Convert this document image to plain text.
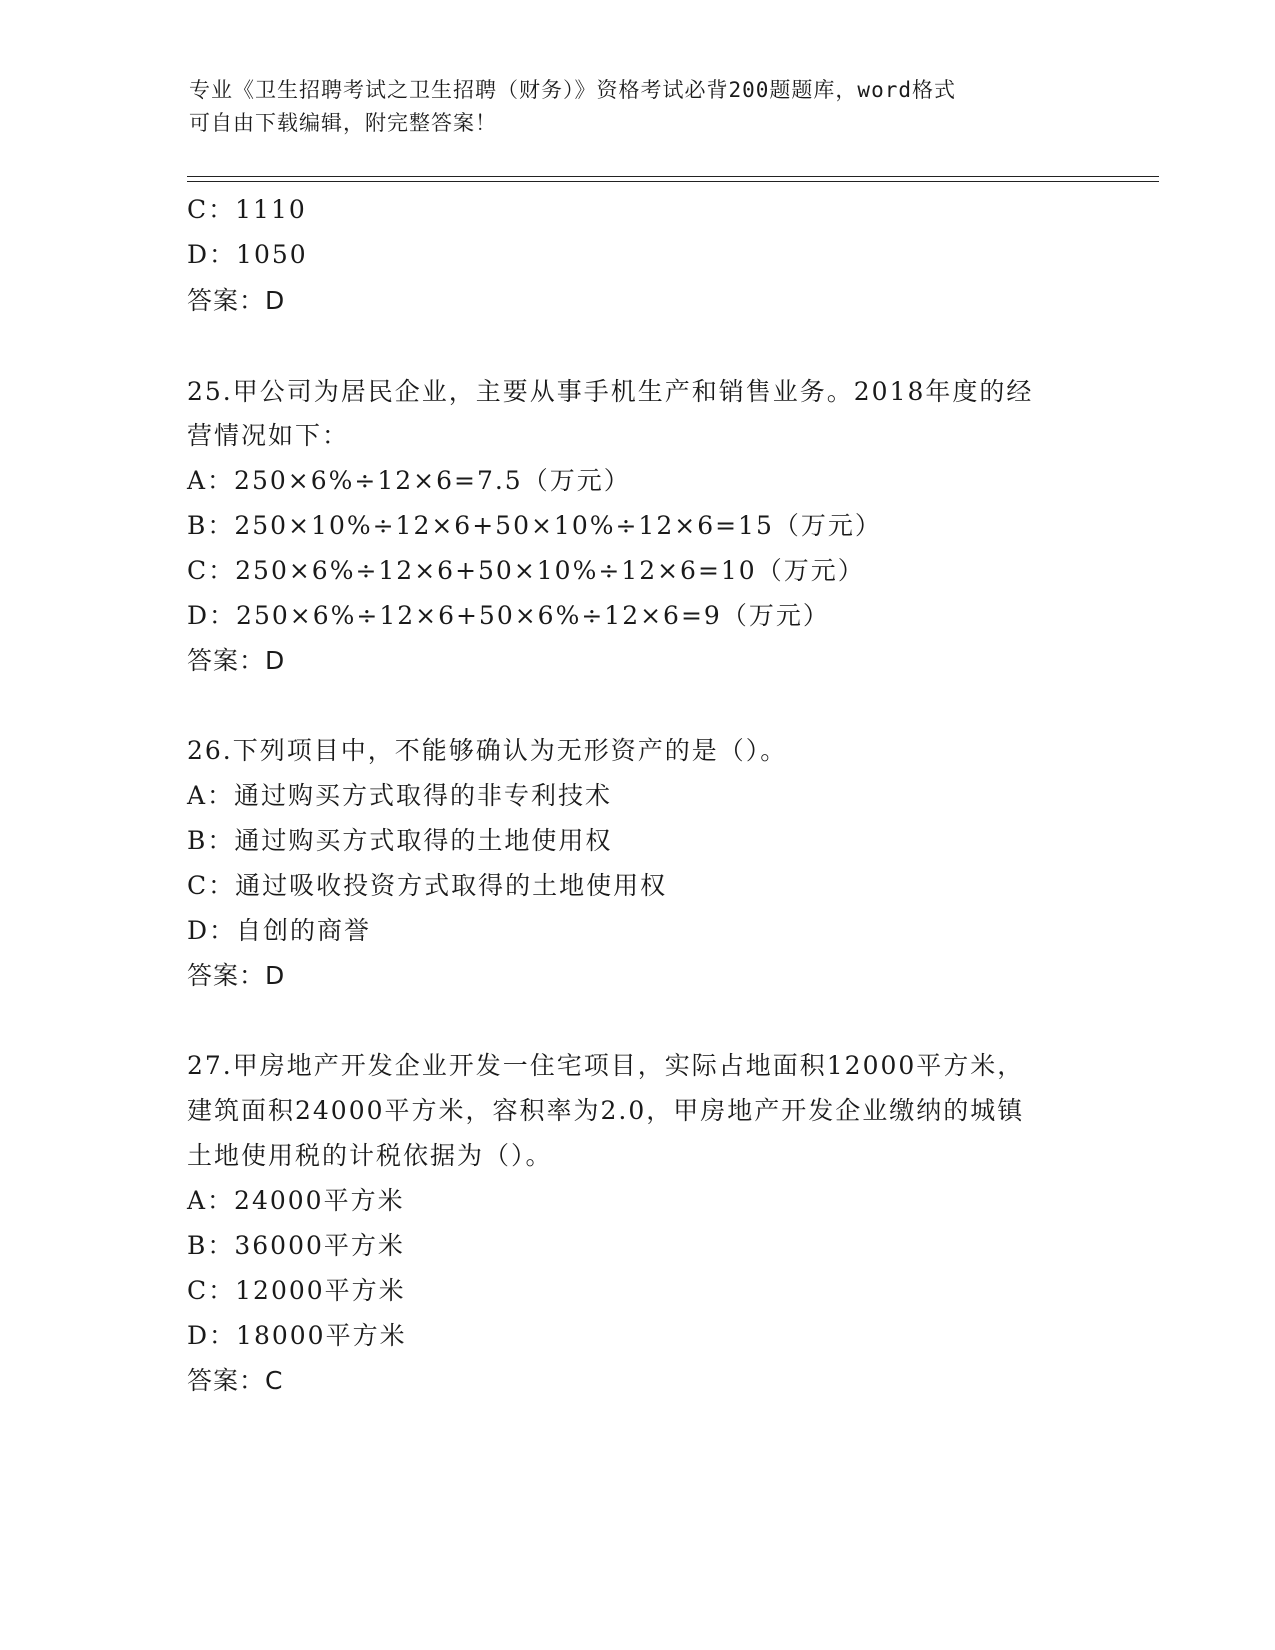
专业《卫生招聘考试之卫生招聘（财务）》资格考试必背200题题库，word格式
可自由下载编辑，附完整答案！
C：1110
D：1050
答案：D
25.甲公司为居民企业，主要从事手机生产和销售业务。2018年度的经
营情况如下：
A：250×6%÷12×6=7.5（万元）
B：250×10%÷12×6+50×10%÷12×6=15（万元）
C：250×6%÷12×6+50×10%÷12×6=10（万元）
D：250×6%÷12×6+50×6%÷12×6=9（万元）
答案：D
26.下列项目中，不能够确认为无形资产的是（）。
A：通过购买方式取得的非专利技术
B：通过购买方式取得的土地使用权
C：通过吸收投资方式取得的土地使用权
D：自创的商誉
答案：D
27.甲房地产开发企业开发一住宅项目，实际占地面积12000平方米，
建筑面积24000平方米，容积率为2.0，甲房地产开发企业缴纳的城镇
土地使用税的计税依据为（）。
A：24000平方米
B：36000平方米
C：12000平方米
D：18000平方米
答案：C
